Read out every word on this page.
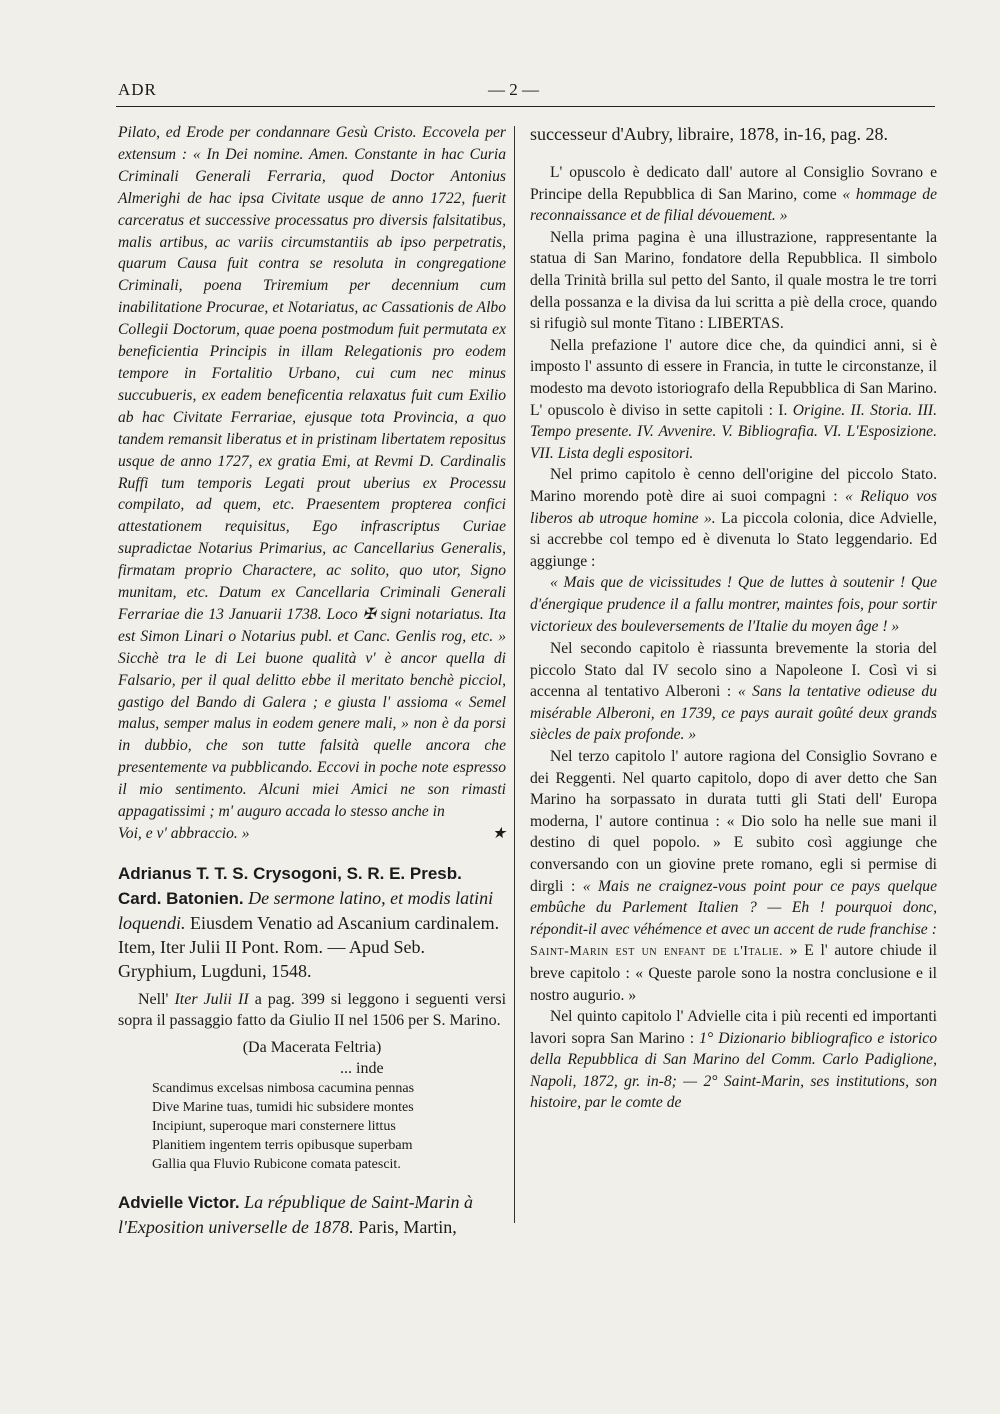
ADR	— 2 —

Pilato, ed Erode per condannare Gesù Cristo. Eccovela per extensum : « In Dei nomine. Amen. Constante in hac Curia Criminali Generali Ferraria, quod Doctor Antonius Almerighi de hac ipsa Civitate usque de anno 1722, fuerit carceratus et successive processatus pro diversis falsitatibus, malis artibus, ac variis circumstantiis ab ipso perpetratis, quarum Causa fuit contra se resoluta in congregatione Criminali, poena Triremium per decennium cum inabilitatione Procurae, et Notariatus, ac Cassationis de Albo Collegii Doctorum, quae poena postmodum fuit permutata ex beneficientia Principis in illam Relegationis pro eodem tempore in Fortalitio Urbano, cui cum nec minus succubueris, ex eadem beneficentia relaxatus fuit cum Exilio ab hac Civitate Ferrariae, ejusque tota Provincia, a quo tandem remansit liberatus et in pristinam libertatem repositus usque de anno 1727, ex gratia Emi, at Revmi D. Cardinalis Ruffi tum temporis Legati prout uberius ex Processu compilato, ad quem, etc. Praesentem propterea confici attestationem requisitus, Ego infrascriptus Curiae supradictae Notarius Primarius, ac Cancellarius Generalis, firmatam proprio Charactere, ac solito, quo utor, Signo munitam, etc. Datum ex Cancellaria Criminali Generali Ferrariae die 13 Januarii 1738. Loco ✠ signi notariatus. Ita est Simon Linari o Notarius publ. et Canc. Genlis rog, etc. » Sicchè tra le di Lei buone qualità v' è ancor quella di Falsario, per il qual delitto ebbe il meritato benchè picciol, gastigo del Bando di Galera ; e giusta l' assioma « Semel malus, semper malus in eodem genere mali, » non è da porsi in dubbio, che son tutte falsità quelle ancora che presentemente va pubblicando. Eccovi in poche note espresso il mio sentimento. Alcuni miei Amici ne son rimasti appagatissimi ; m' auguro accada lo stesso anche in

Voi, e v' abbraccio. »	★

Adrianus T. T. S. Crysogoni, S. R. E. Presb. Card. Batonien. De sermone latino, et modis latini loquendi. Eiusdem Venatio ad Ascanium cardinalem. Item, Iter Julii II Pont. Rom. — Apud Seb. Gryphium, Lugduni, 1548.

Nell' Iter Julii II a pag. 399 si leggono i seguenti versi sopra il passaggio fatto da Giulio II nel 1506 per S. Marino.

(Da Macerata Feltria)

... inde

Scandimus excelsas nimbosa cacumina pennas
Dive Marine tuas, tumidi hic subsidere montes
Incipiunt, superoque mari consternere littus
Planitiem ingentem terris opibusque superbam
Gallia qua Fluvio Rubicone comata patescit.

Advielle Victor. La république de Saint-Marin à l'Exposition universelle de 1878. Paris, Martin,

successeur d'Aubry, libraire, 1878, in-16, pag. 28.

L' opuscolo è dedicato dall' autore al Consiglio Sovrano e Principe della Repubblica di San Marino, come « hommage de reconnaissance et de filial dévouement. »

Nella prima pagina è una illustrazione, rappresentante la statua di San Marino, fondatore della Repubblica. Il simbolo della Trinità brilla sul petto del Santo, il quale mostra le tre torri della possanza e la divisa da lui scritta a piè della croce, quando si rifugiò sul monte Titano : LIBERTAS.

Nella prefazione l' autore dice che, da quindici anni, si è imposto l' assunto di essere in Francia, in tutte le circonstanze, il modesto ma devoto istoriografo della Repubblica di San Marino. L' opuscolo è diviso in sette capitoli : I. Origine. II. Storia. III. Tempo presente. IV. Avvenire. V. Bibliografia. VI. L'Esposizione. VII. Lista degli espositori.

Nel primo capitolo è cenno dell'origine del piccolo Stato. Marino morendo potè dire ai suoi compagni : « Reliquo vos liberos ab utroque homine ». La piccola colonia, dice Advielle, si accrebbe col tempo ed è divenuta lo Stato leggendario. Ed aggiunge :

« Mais que de vicissitudes ! Que de luttes à soutenir ! Que d'énergique prudence il a fallu montrer, maintes fois, pour sortir victorieux des bouleversements de l'Italie du moyen âge ! »

Nel secondo capitolo è riassunta brevemente la storia del piccolo Stato dal IV secolo sino a Napoleone I. Così vi si accenna al tentativo Alberoni : « Sans la tentative odieuse du misérable Alberoni, en 1739, ce pays aurait goûté deux grands siècles de paix profonde. »

Nel terzo capitolo l' autore ragiona del Consiglio Sovrano e dei Reggenti. Nel quarto capitolo, dopo di aver detto che San Marino ha sorpassato in durata tutti gli Stati dell' Europa moderna, l' autore continua : « Dio solo ha nelle sue mani il destino di quel popolo. » E subito così aggiunge che conversando con un giovine prete romano, egli si permise di dirgli : « Mais ne craignez-vous point pour ce pays quelque embûche du Parlement Italien ? — Eh ! pourquoi donc, répondit-il avec véhémence et avec un accent de rude franchise : Saint-Marin est un enfant de l'Italie. » E l' autore chiude il breve capitolo : « Queste parole sono la nostra conclusione e il nostro augurio. »

Nel quinto capitolo l' Advielle cita i più recenti ed importanti lavori sopra San Marino : 1° Dizionario bibliografico e istorico della Repubblica di San Marino del Comm. Carlo Padiglione, Napoli, 1872, gr. in-8; — 2° Saint-Marin, ses institutions, son histoire, par le comte de
